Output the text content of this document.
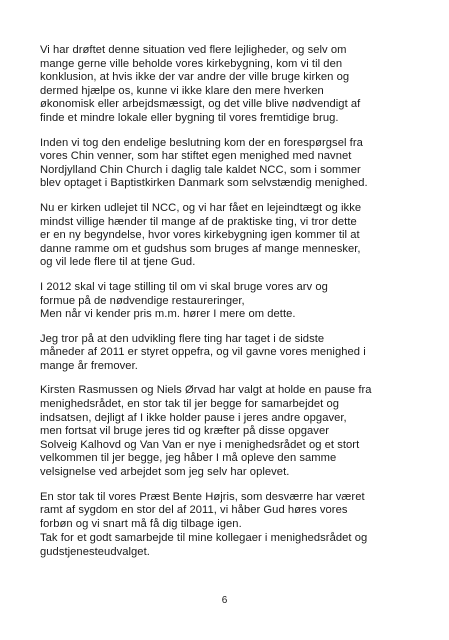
Vi har drøftet denne situation ved flere lejligheder, og selv om
mange gerne ville beholde vores kirkebygning, kom vi til den
konklusion, at hvis ikke der var andre der ville bruge kirken og
dermed hjælpe os, kunne vi ikke klare den mere hverken
økonomisk eller arbejdsmæssigt, og det ville blive nødvendigt af
finde et mindre lokale eller bygning til vores fremtidige brug.

Inden vi tog den endelige beslutning kom der en forespørgsel fra
vores Chin venner, som har stiftet egen menighed med navnet
Nordjylland Chin Church i daglig tale kaldet NCC, som i sommer
blev optaget i Baptistkirken Danmark som selvstændig menighed.

Nu er kirken udlejet til NCC, og vi har fået en lejeindtægt og ikke
mindst villige hænder til mange af de praktiske ting, vi tror dette
er en ny begyndelse, hvor vores kirkebygning igen kommer til at
danne ramme om et gudshus som bruges af mange mennesker,
og vil lede flere til at tjene Gud.

I 2012 skal vi tage stilling til om vi skal bruge vores arv og
formue på de nødvendige restaureringer,
Men når vi kender pris m.m. hører I mere om dette.

Jeg tror på at den udvikling flere ting har taget i de sidste
måneder af 2011 er styret oppefra, og vil gavne vores menighed i
mange år fremover.

Kirsten Rasmussen og Niels Ørvad har valgt at holde en pause fra
menighedsrådet, en stor tak til jer begge for samarbejdet og
indsatsen, dejligt af I ikke holder pause i jeres andre opgaver,
men fortsat vil bruge jeres tid og kræfter på disse opgaver
Solveig Kalhovd og Van Van er nye i menighedsrådet og et stort
velkommen til jer begge, jeg håber I må opleve den samme
velsignelse ved arbejdet som jeg selv har oplevet.

En stor tak til vores Præst Bente Højris, som desværre har været
ramt af sygdom en stor del af 2011, vi håber Gud høres vores
forbøn og vi snart må få dig tilbage igen.

Tak for et godt samarbejde til mine kollegaer i menighedsrådet og
gudstjenesteudvalget.

6
